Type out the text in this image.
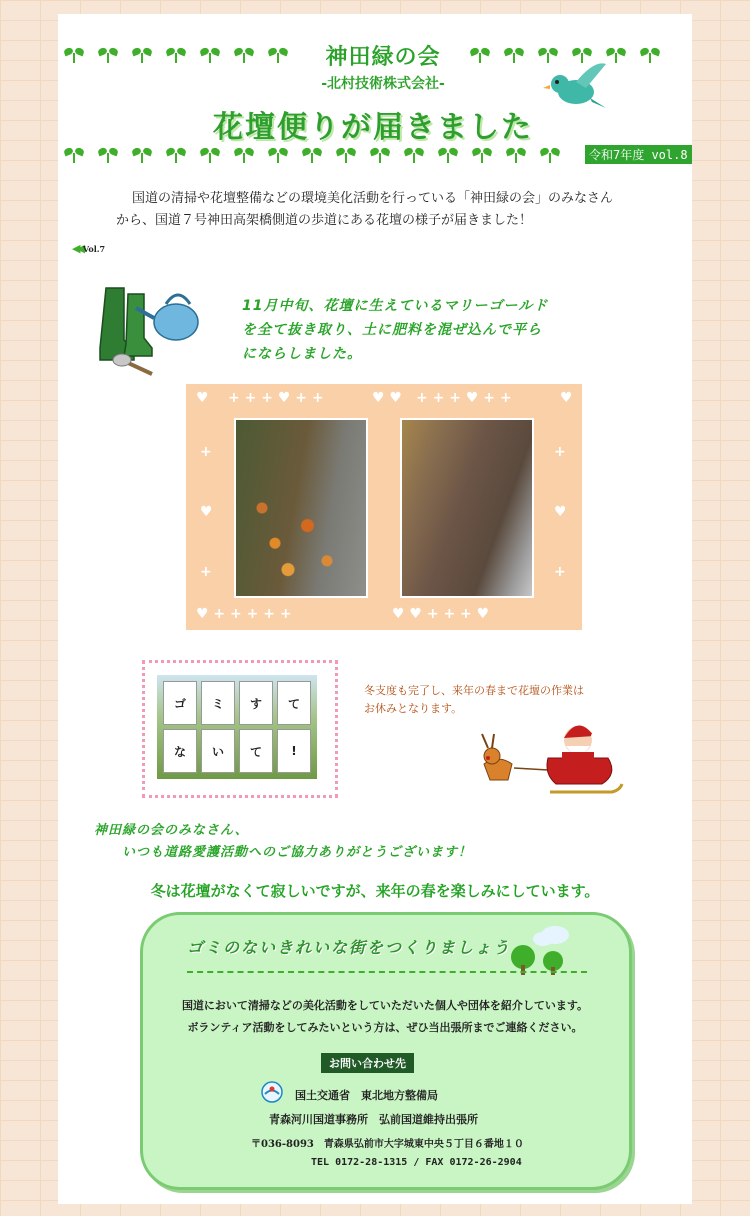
神田緑の会
-北村技術株式会社-
花壇便りが届きました
令和7年度 vol.8
国道の清掃や花壇整備などの環境美化活動を行っている「神田緑の会」のみなさん
から、国道７号神田高架橋側道の歩道にある花壇の様子が届きました！
◀◀ Vol.7
11月中旬、花壇に生えているマリーゴールド
を全て抜き取り、土に肥料を混ぜ込んで平ら
にならしました。
♥ + + + ♥ + +	♥ ♥ + + + ♥ + +	♥
+
♥
+
+
♥
+
♥ + + + + +	♥ ♥ + + + ♥
ゴ	ミ	す	て
な	い	て	!
冬支度も完了し、来年の春まで花壇の作業は
お休みとなります。
神田緑の会のみなさん、
いつも道路愛護活動へのご協力ありがとうございます！
冬は花壇がなくて寂しいですが、来年の春を楽しみにしています。
ゴミのないきれいな街をつくりましょう
国道において清掃などの美化活動をしていただいた個人や団体を紹介しています。
ボランティア活動をしてみたいという方は、ぜひ当出張所までご連絡ください。
お問い合わせ先
国土交通省　東北地方整備局
青森河川国道事務所　弘前国道維持出張所
〒036-8093　青森県弘前市大字城東中央５丁目６番地１０
TEL 0172-28-1315 / FAX 0172-26-2904
